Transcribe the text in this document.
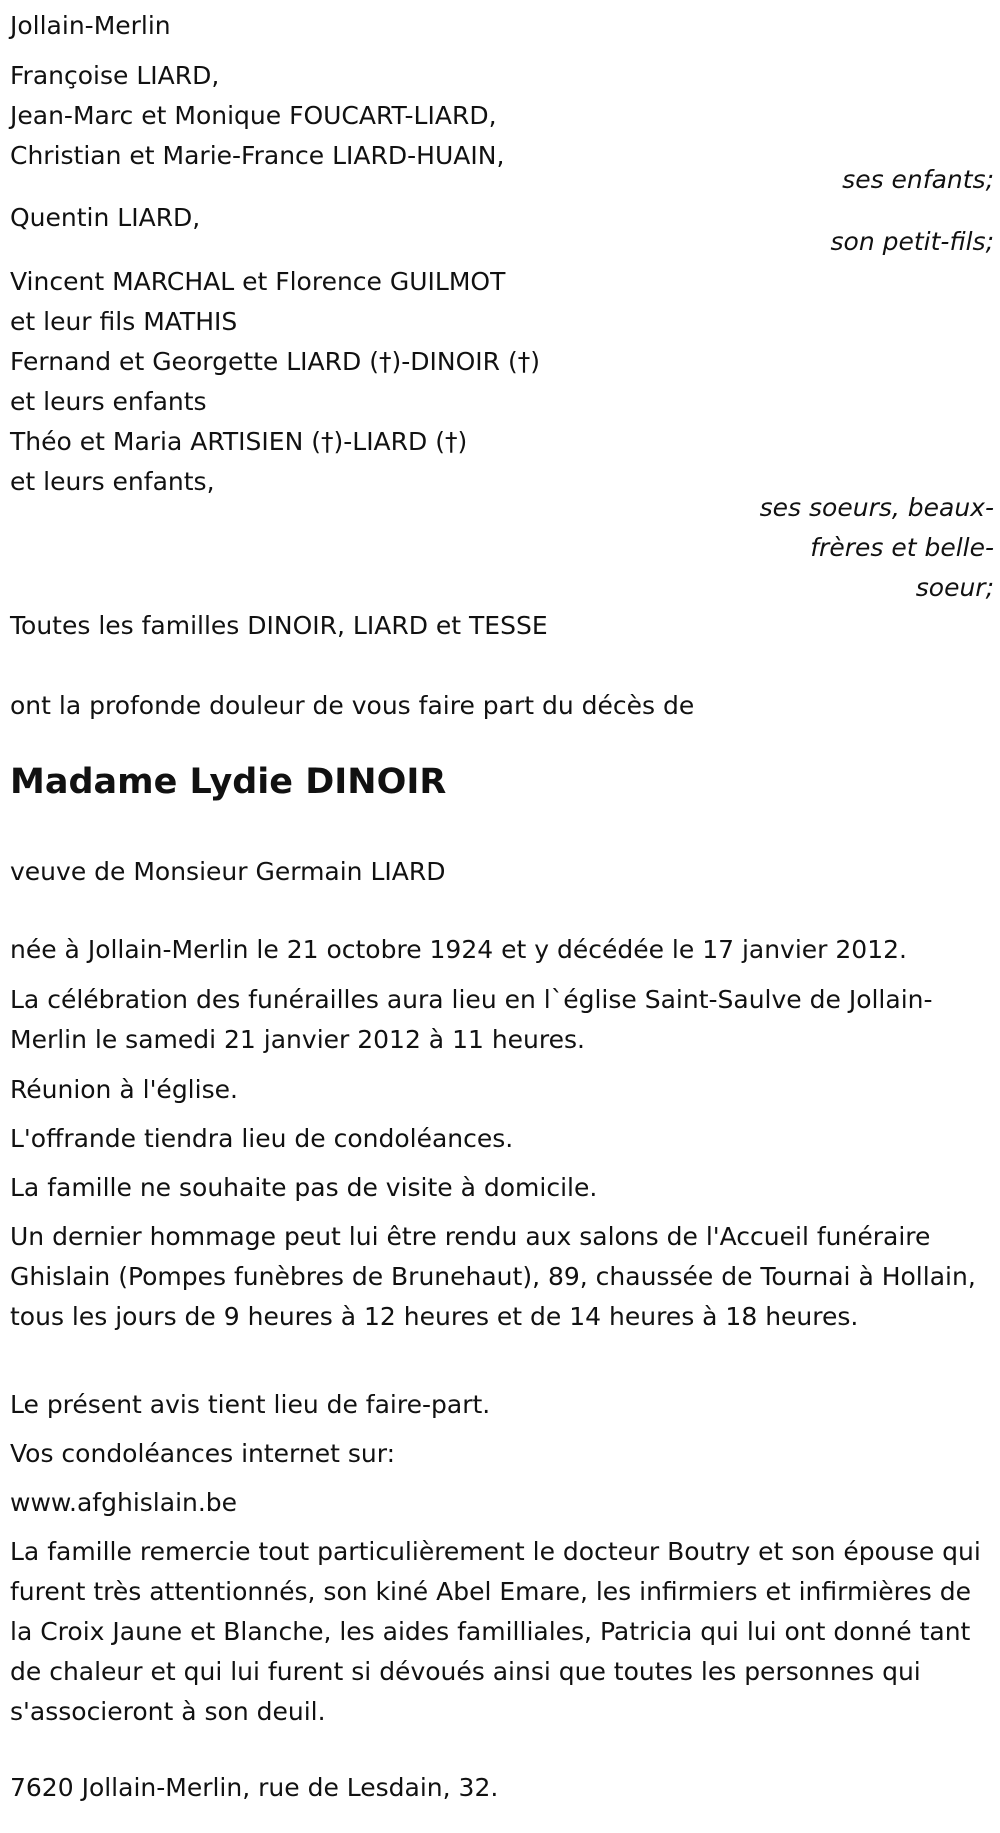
Jollain-Merlin

Françoise LIARD,

Jean-Marc et Monique FOUCART-LIARD,

Christian et Marie-France LIARD-HUAIN,

ses enfants;

Quentin LIARD,

son petit-fils;

Vincent MARCHAL et Florence GUILMOT

et leur fils MATHIS

Fernand et Georgette LIARD (†)-DINOIR (†)

et leurs enfants

Théo et Maria ARTISIEN (†)-LIARD (†)

et leurs enfants,

ses soeurs, beaux-

frères et belle-

soeur;

Toutes les familles DINOIR, LIARD et TESSE

ont la profonde douleur de vous faire part du décès de

Madame Lydie DINOIR

veuve de Monsieur Germain LIARD

née à Jollain-Merlin le 21 octobre 1924 et y décédée le 17 janvier 2012.

La célébration des funérailles aura lieu en l`église Saint-Saulve de Jollain-Merlin le samedi 21 janvier 2012 à 11 heures.

Réunion à l'église.

L'offrande tiendra lieu de condoléances.

La famille ne souhaite pas de visite à domicile.

Un dernier hommage peut lui être rendu aux salons de l'Accueil funéraire Ghislain (Pompes funèbres de Brunehaut), 89, chaussée de Tournai à Hollain, tous les jours de 9 heures à 12 heures et de 14 heures à 18 heures.

Le présent avis tient lieu de faire-part.

Vos condoléances internet sur:

www.afghislain.be

La famille remercie tout particulièrement le docteur Boutry et son épouse qui furent très attentionnés, son kiné Abel Emare, les infirmiers et infirmières de la Croix Jaune et Blanche, les aides familliales, Patricia qui lui ont donné tant de chaleur et qui lui furent si dévoués ainsi que toutes les personnes qui s'associeront à son deuil.

7620 Jollain-Merlin, rue de Lesdain, 32.
